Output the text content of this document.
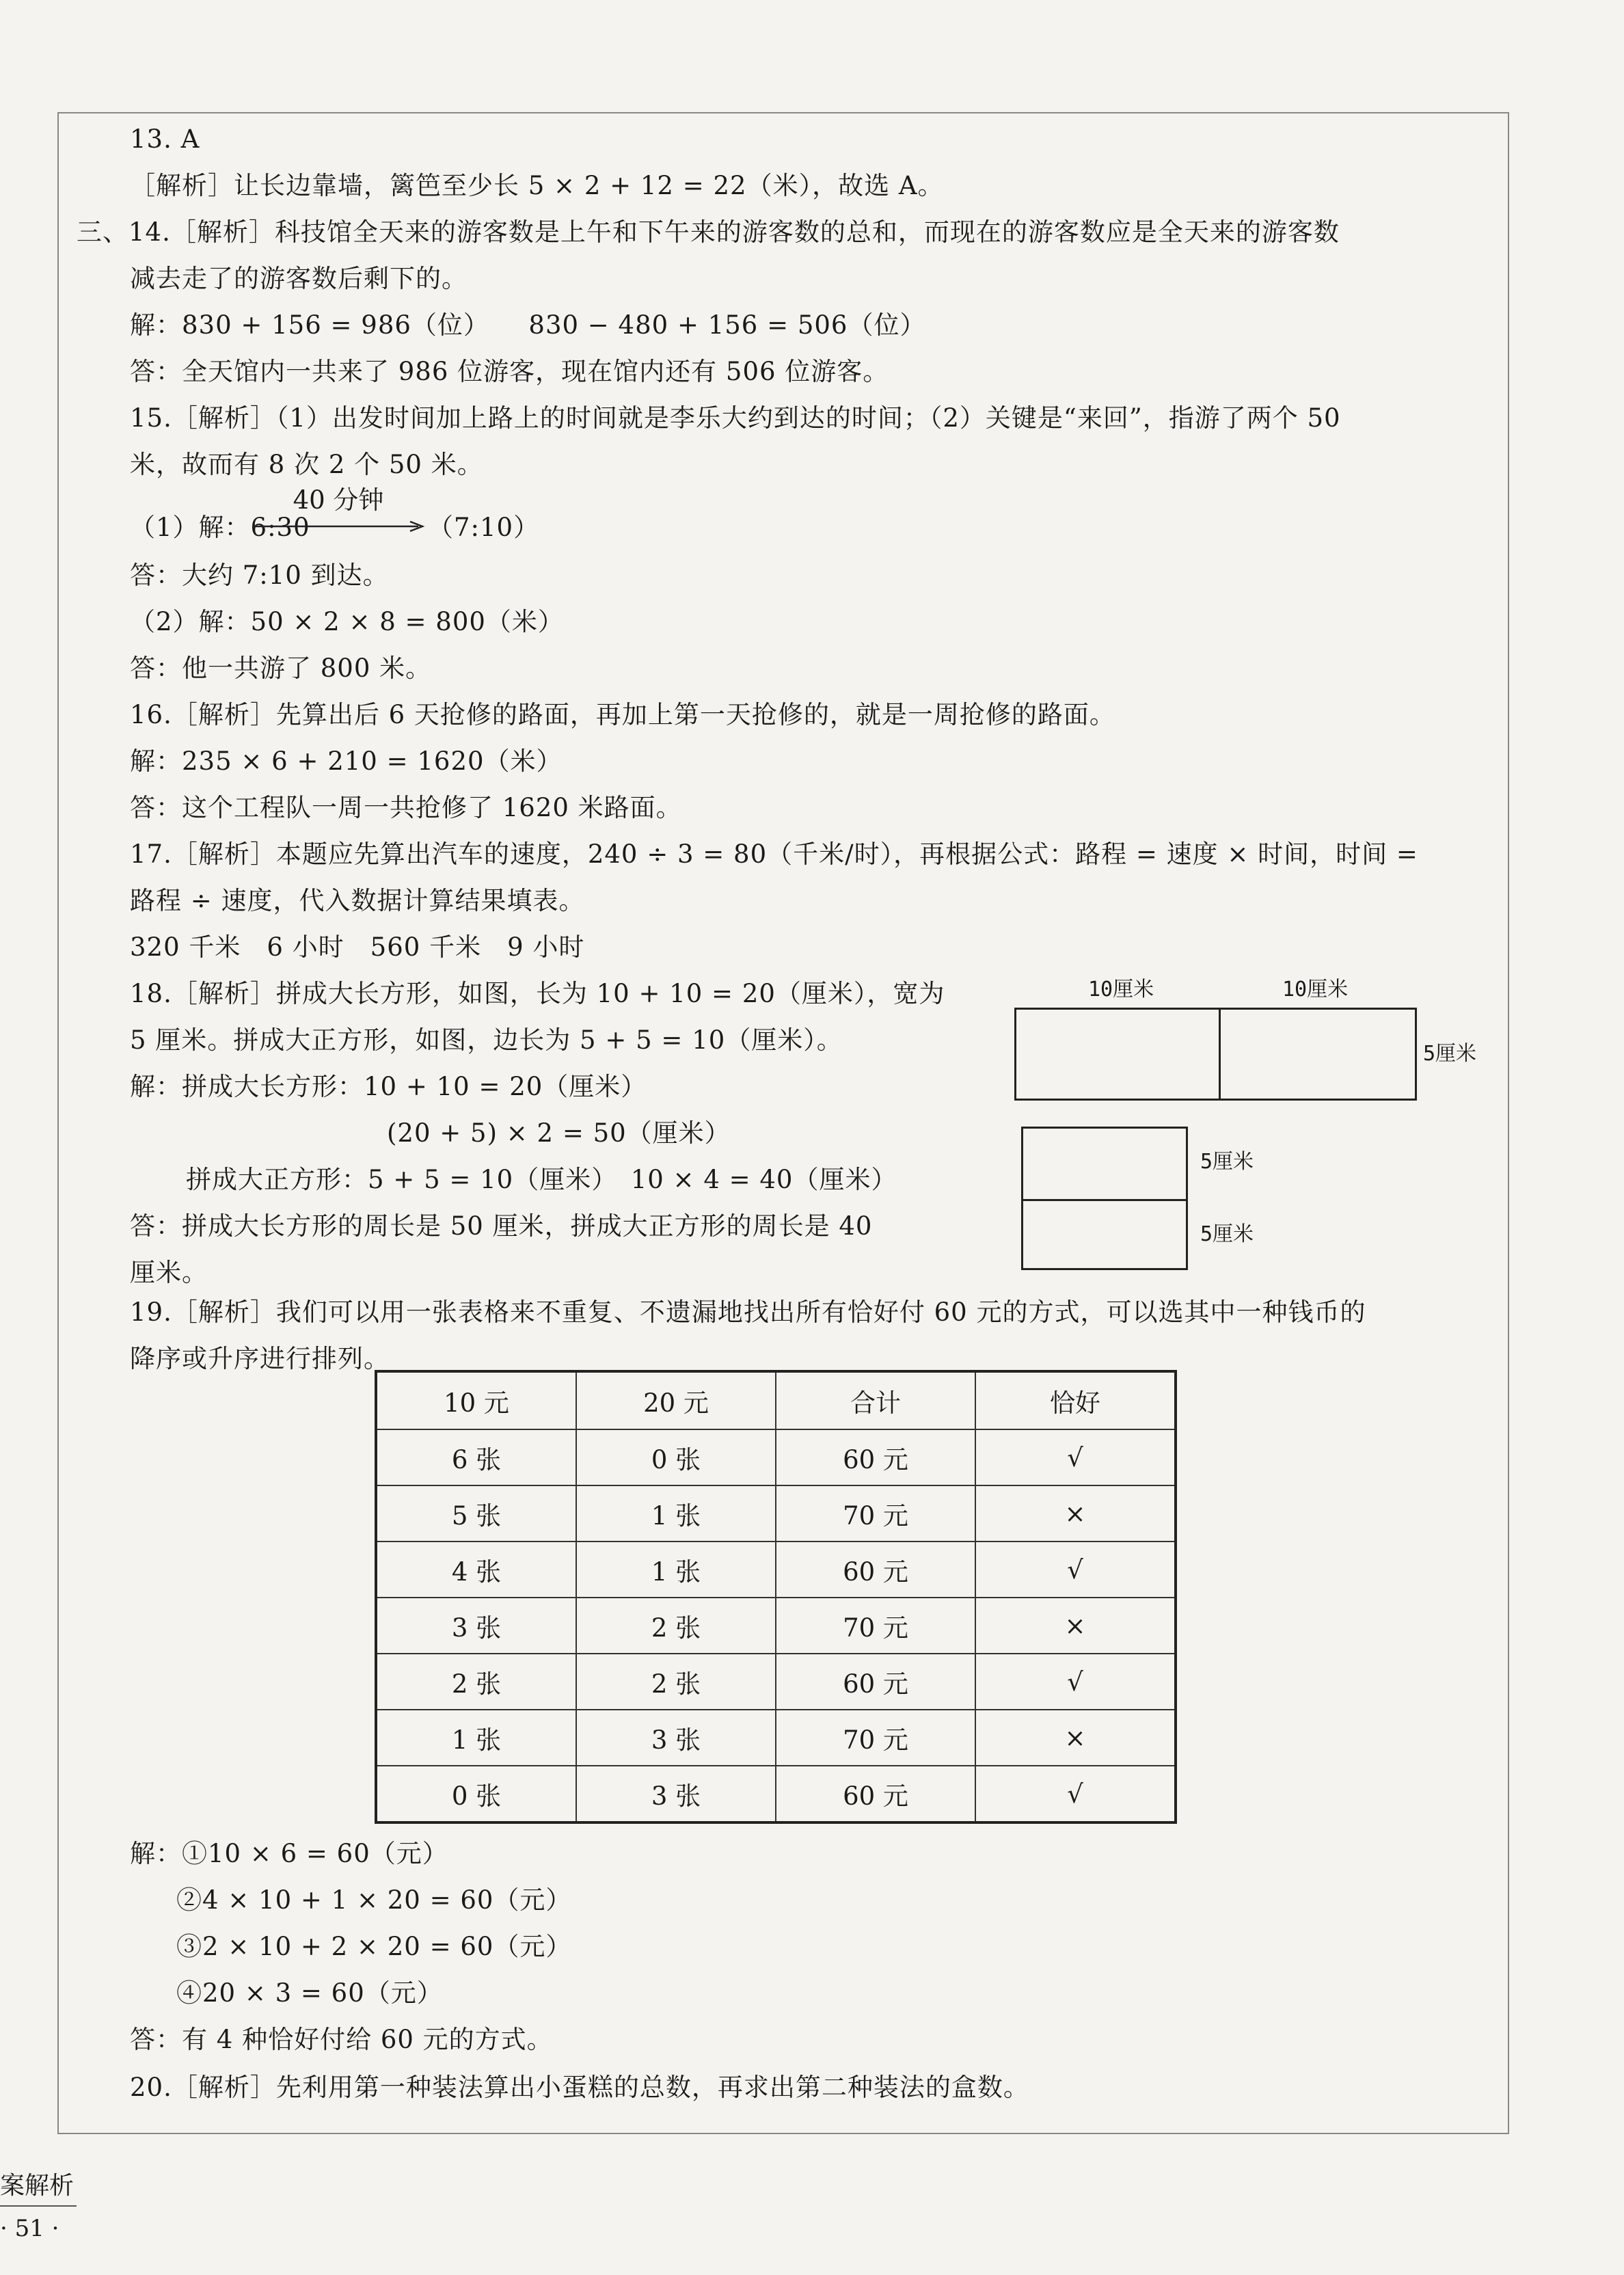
13. A
［解析］让长边靠墙，篱笆至少长 5 × 2 + 12 = 22（米），故选 A。
三、14.［解析］科技馆全天来的游客数是上午和下午来的游客数的总和，而现在的游客数应是全天来的游客数
减去走了的游客数后剩下的。
解：830 + 156 = 986（位）　　830 − 480 + 156 = 506（位）
答：全天馆内一共来了 986 位游客，现在馆内还有 506 位游客。
15.［解析］（1）出发时间加上路上的时间就是李乐大约到达的时间；（2）关键是“来回”，指游了两个 50
米，故而有 8 次 2 个 50 米。
（1）解：6:30
40 分钟
（7:10）
答：大约 7:10 到达。
（2）解：50 × 2 × 8 = 800（米）
答：他一共游了 800 米。
16.［解析］先算出后 6 天抢修的路面，再加上第一天抢修的，就是一周抢修的路面。
解：235 × 6 + 210 = 1620（米）
答：这个工程队一周一共抢修了 1620 米路面。
17.［解析］本题应先算出汽车的速度，240 ÷ 3 = 80（千米/时），再根据公式：路程 = 速度 × 时间，时间 =
路程 ÷ 速度，代入数据计算结果填表。
320 千米　6 小时　560 千米　9 小时
18.［解析］拼成大长方形，如图，长为 10 + 10 = 20（厘米），宽为
5 厘米。拼成大正方形，如图，边长为 5 + 5 = 10（厘米）。
解：拼成大长方形：10 + 10 = 20（厘米）
(20 + 5) × 2 = 50（厘米）
拼成大正方形：5 + 5 = 10（厘米）　10 × 4 = 40（厘米）
答：拼成大长方形的周长是 50 厘米，拼成大正方形的周长是 40
厘米。
10厘米	10厘米
5厘米
5厘米
5厘米
19.［解析］我们可以用一张表格来不重复、不遗漏地找出所有恰好付 60 元的方式，可以选其中一种钱币的
降序或升序进行排列。
10 元	20 元	合计	恰好
6 张	0 张	60 元	√
5 张	1 张	70 元	×
4 张	1 张	60 元	√
3 张	2 张	70 元	×
2 张	2 张	60 元	√
1 张	3 张	70 元	×
0 张	3 张	60 元	√
解：①10 × 6 = 60（元）
②4 × 10 + 1 × 20 = 60（元）
③2 × 10 + 2 × 20 = 60（元）
④20 × 3 = 60（元）
答：有 4 种恰好付给 60 元的方式。
20.［解析］先利用第一种装法算出小蛋糕的总数，再求出第二种装法的盒数。
案解析
· 51 ·
